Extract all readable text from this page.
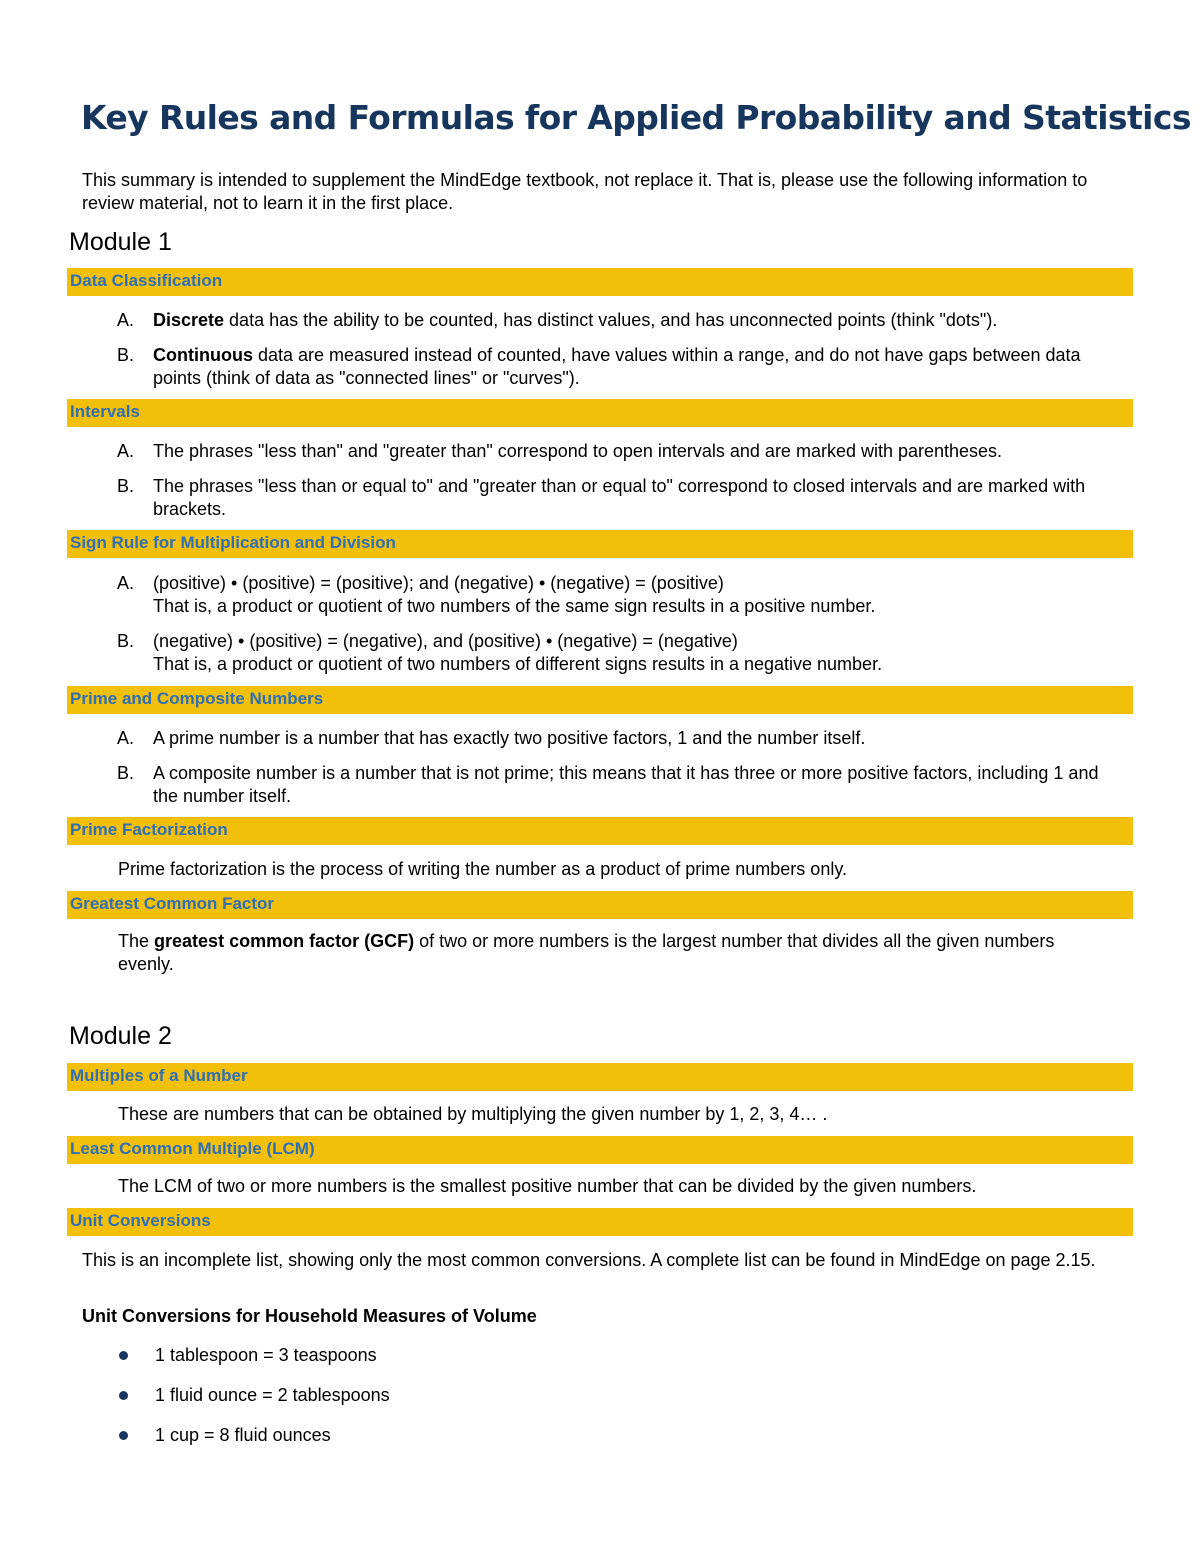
Key Rules and Formulas for Applied Probability and Statistics

This summary is intended to supplement the MindEdge textbook, not replace it. That is, please use the following information to review material, not to learn it in the first place.

Module 1
Data Classification
A.	Discrete data has the ability to be counted, has distinct values, and has unconnected points (think "dots").
B.	Continuous data are measured instead of counted, have values within a range, and do not have gaps between data points (think of data as "connected lines" or "curves").
Intervals
A.	The phrases "less than" and "greater than" correspond to open intervals and are marked with parentheses.
B.	The phrases "less than or equal to" and "greater than or equal to" correspond to closed intervals and are marked with brackets.
Sign Rule for Multiplication and Division
A.	(positive) • (positive) = (positive); and (negative) • (negative) = (positive)
That is, a product or quotient of two numbers of the same sign results in a positive number.
B.	(negative) • (positive) = (negative), and (positive) • (negative) = (negative)
That is, a product or quotient of two numbers of different signs results in a negative number.
Prime and Composite Numbers
A.	A prime number is a number that has exactly two positive factors, 1 and the number itself.
B.	A composite number is a number that is not prime; this means that it has three or more positive factors, including 1 and the number itself.
Prime Factorization

Prime factorization is the process of writing the number as a product of prime numbers only.

Greatest Common Factor

The greatest common factor (GCF) of two or more numbers is the largest number that divides all the given numbers evenly.

Module 2
Multiples of a Number

These are numbers that can be obtained by multiplying the given number by 1, 2, 3, 4… .

Least Common Multiple (LCM)

The LCM of two or more numbers is the smallest positive number that can be divided by the given numbers.

Unit Conversions

This is an incomplete list, showing only the most common conversions. A complete list can be found in MindEdge on page 2.15.

Unit Conversions for Household Measures of Volume
1 tablespoon = 3 teaspoons
1 fluid ounce = 2 tablespoons
1 cup = 8 fluid ounces
